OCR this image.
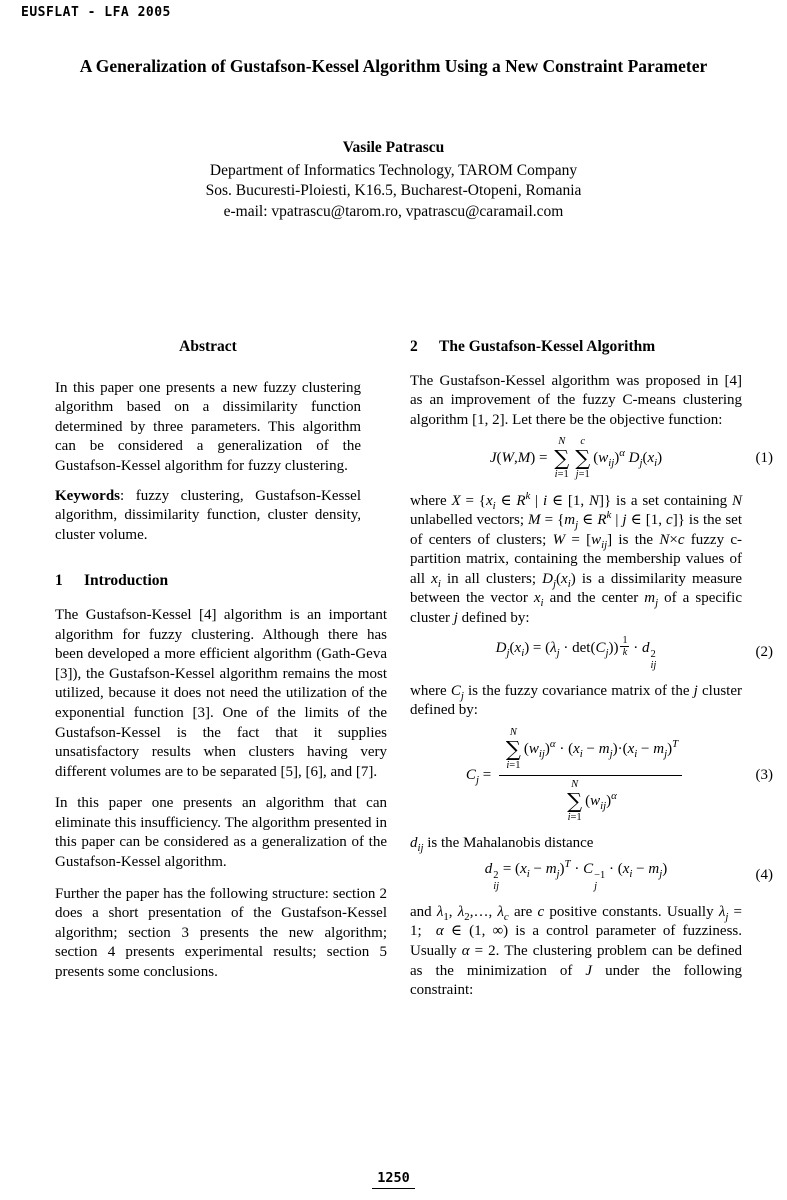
EUSFLAT - LFA 2005
A Generalization of Gustafson-Kessel Algorithm Using a New Constraint Parameter
Vasile Patrascu
Department of Informatics Technology, TAROM Company
Sos. Bucuresti-Ploiesti, K16.5, Bucharest-Otopeni, Romania
e-mail: vpatrascu@tarom.ro, vpatrascu@caramail.com
Abstract

In this paper one presents a new fuzzy clustering algorithm based on a dissimilarity function determined by three parameters. This algorithm can be considered a generalization of the Gustafson-Kessel algorithm for fuzzy clustering.

Keywords: fuzzy clustering, Gustafson-Kessel algorithm, dissimilarity function, cluster density, cluster volume.

1 Introduction

The Gustafson-Kessel [4] algorithm is an important algorithm for fuzzy clustering. Although there has been developed a more efficient algorithm (Gath-Geva [3]), the Gustafson-Kessel algorithm remains the most utilized, because it does not need the utilization of the exponential function [3]. One of the limits of the Gustafson-Kessel is the fact that it supplies unsatisfactory results when clusters having very different volumes are to be separated [5], [6], and [7].

In this paper one presents an algorithm that can eliminate this insufficiency. The algorithm presented in this paper can be considered as a generalization of the Gustafson-Kessel algorithm.

Further the paper has the following structure: section 2 does a short presentation of the Gustafson-Kessel algorithm; section 3 presents the new algorithm; section 4 presents experimental results; section 5 presents some conclusions.

2 The Gustafson-Kessel Algorithm

The Gustafson-Kessel algorithm was proposed in [4] as an improvement of the fuzzy C-means clustering algorithm [1, 2]. Let there be the objective function:

J(W,M) =
N
∑
i=1
c
∑
j=1
$(w_{ij})^\alpha$ $D_j(x_i)$	(1)

where $X = \{x_i$ ∈ $R^k$ | i ∈ [1, N]} is a set containing N unlabelled vectors; $M = \{m_j$ ∈ $R^k$ | j ∈ [1, c]} is the set of centers of clusters; $W = [w_{ij}]$ is the N×c fuzzy c-partition matrix, containing the membership values of all $x_i$ in all clusters; $D_j(x_i)$ is a dissimilarity measure between the vector $x_i$ and the center $m_j$ of a specific cluster j defined by:

$D_j(x_i) = (\lambda_j \cdot \det(C_j)) \frac{1}{k} \cdot d$ 2
ij
(2)

where $C_j$ is the fuzzy covariance matrix of the j cluster defined by:

$C_j = N$
∑
i=1
$(w_{ij})^\alpha \cdot (x_i - m_j)\cdot(x_i - m_j)^T$
N
∑
i=1
$(w_{ij})^\alpha$	(3)

$d_{ij}$ is the Mahalanobis distance

d 2
ij
= $(x_i - m_j)^T \cdot C -1$
j
· $(x_i - m_j)$	(4)

and $\lambda_1$, $\lambda_2,\dots$, $\lambda_c$ are c positive constants. Usually $\lambda_j = 1$;  α ∈ (1, ∞) is a control parameter of fuzziness. Usually α = 2. The clustering problem can be defined as the minimization of J under the following constraint:

1250
